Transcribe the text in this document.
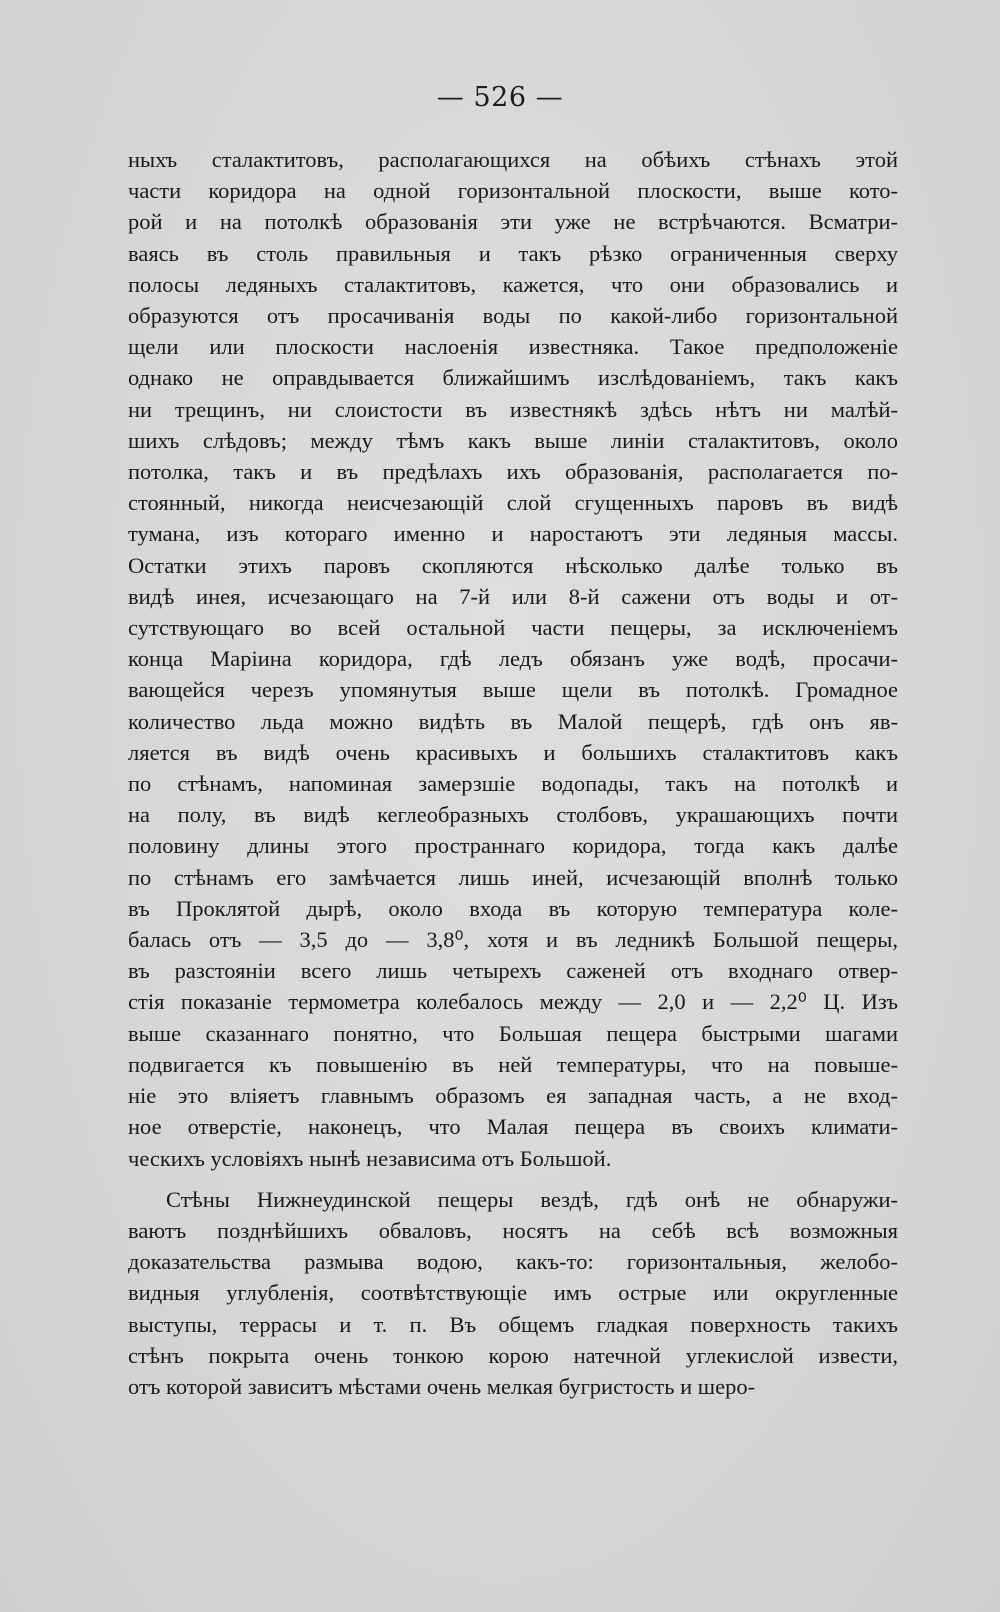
— 526 —

ныхъ сталактитовъ, располагающихся на обѣихъ стѣнахъ этой
части коридора на одной горизонтальной плоскости, выше кото-
рой и на потолкѣ образованія эти уже не встрѣчаются. Всматри-
ваясь въ столь правильныя и такъ рѣзко ограниченныя сверху
полосы ледяныхъ сталактитовъ, кажется, что они образовались и
образуются отъ просачиванія воды по какой-либо горизонтальной
щели или плоскости наслоенія известняка. Такое предположеніе
однако не оправдывается ближайшимъ изслѣдованіемъ, такъ какъ
ни трещинъ, ни слоистости въ известнякѣ здѣсь нѣтъ ни малѣй-
шихъ слѣдовъ; между тѣмъ какъ выше линіи сталактитовъ, около
потолка, такъ и въ предѣлахъ ихъ образованія, располагается по-
стоянный, никогда неисчезающій слой сгущенныхъ паровъ въ видѣ
тумана, изъ котораго именно и наростаютъ эти ледяныя массы.
Остатки этихъ паровъ скопляются нѣсколько далѣе только въ
видѣ инея, исчезающаго на 7-й или 8-й сажени отъ воды и от-
сутствующаго во всей остальной части пещеры, за исключеніемъ
конца Маріина коридора, гдѣ ледъ обязанъ уже водѣ, просачи-
вающейся черезъ упомянутыя выше щели въ потолкѣ. Громадное
количество льда можно видѣть въ Малой пещерѣ, гдѣ онъ яв-
ляется въ видѣ очень красивыхъ и большихъ сталактитовъ какъ
по стѣнамъ, напоминая замерзшіе водопады, такъ на потолкѣ и
на полу, въ видѣ кеглеобразныхъ столбовъ, украшающихъ почти
половину длины этого пространнаго коридора, тогда какъ далѣе
по стѣнамъ его замѣчается лишь иней, исчезающій вполнѣ только
въ Проклятой дырѣ, около входа въ которую температура коле-
балась отъ — 3,5 до — 3,8⁰, хотя и въ ледникѣ Большой пещеры,
въ разстояніи всего лишь четырехъ саженей отъ входнаго отвер-
стія показаніе термометра колебалось между — 2,0 и — 2,2⁰ Ц. Изъ
выше сказаннаго понятно, что Большая пещера быстрыми шагами
подвигается къ повышенію въ ней температуры, что на повыше-
ніе это вліяетъ главнымъ образомъ ея западная часть, а не вход-
ное отверстіе, наконецъ, что Малая пещера въ своихъ климати-
ческихъ условіяхъ нынѣ независима отъ Большой.

Стѣны Нижнеудинской пещеры вездѣ, гдѣ онѣ не обнаружи-
ваютъ позднѣйшихъ обваловъ, носятъ на себѣ всѣ возможныя
доказательства размыва водою, какъ-то: горизонтальныя, желобо-
видныя углубленія, соотвѣтствующіе имъ острые или округленные
выступы, террасы и т. п. Въ общемъ гладкая поверхность такихъ
стѣнъ покрыта очень тонкою корою натечной углекислой извести,
отъ которой зависитъ мѣстами очень мелкая бугристость и шеро-
